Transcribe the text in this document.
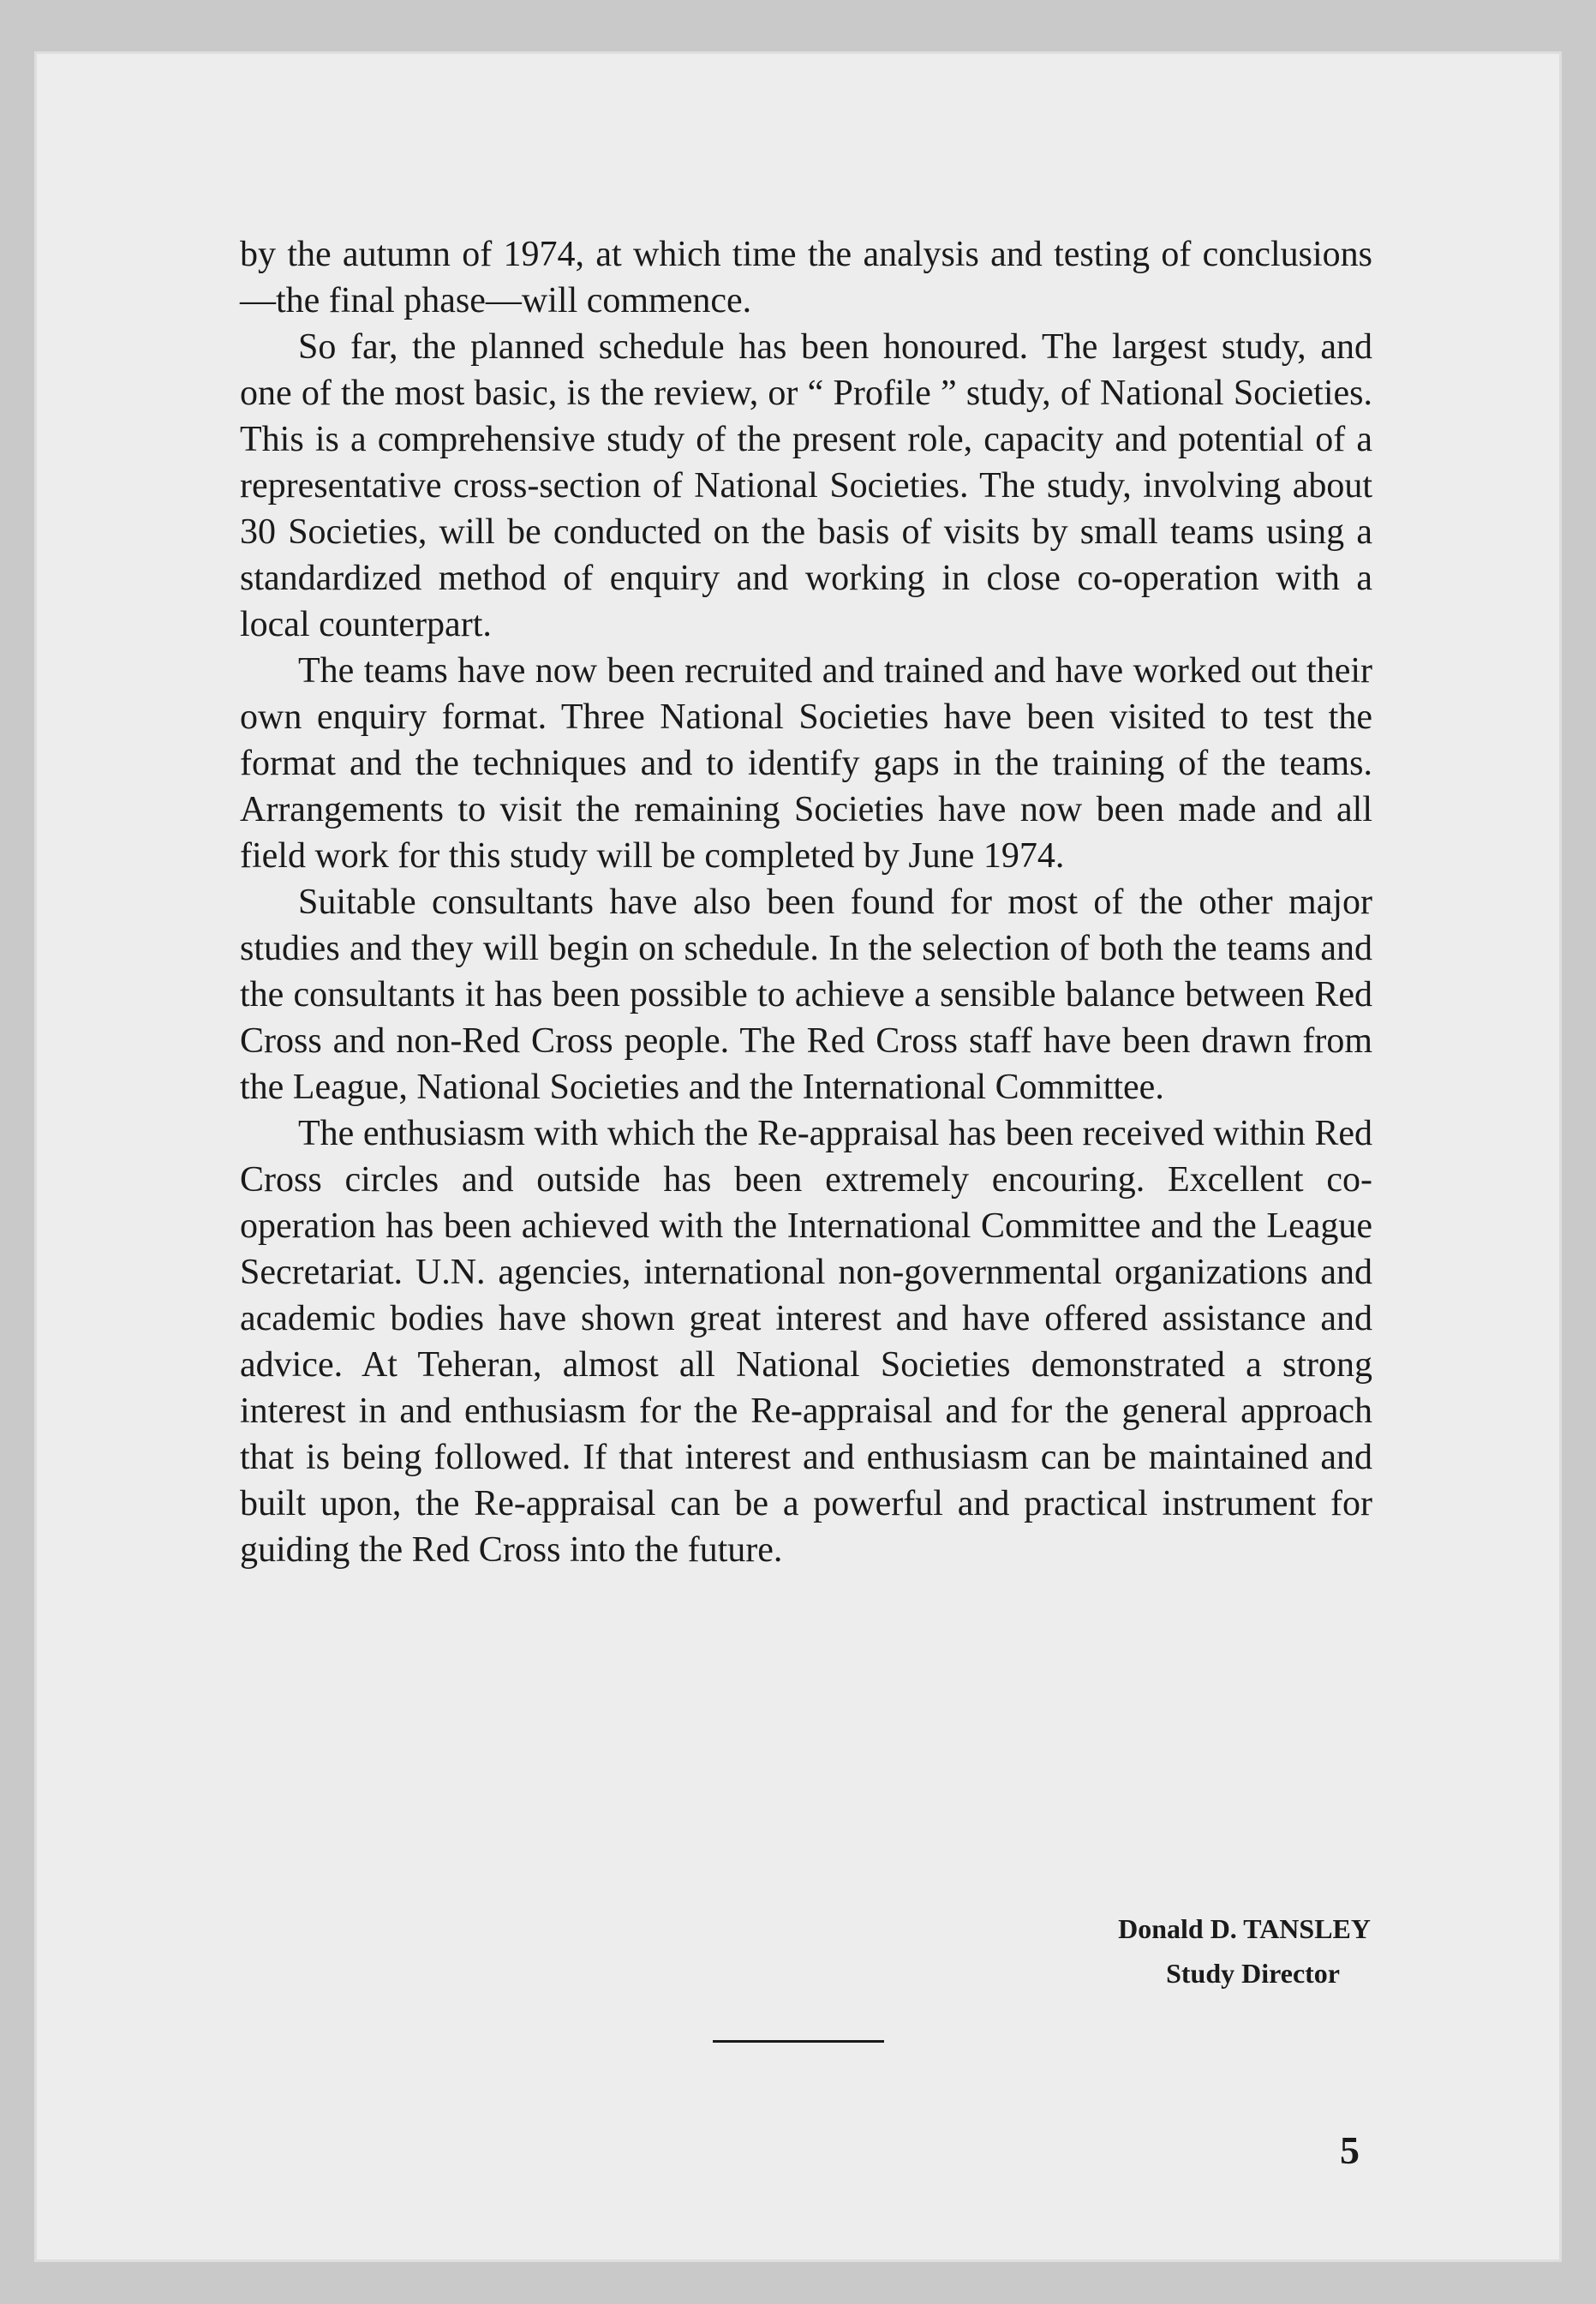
by the autumn of 1974, at which time the analysis and testing of conclusions—the final phase—will commence.

So far, the planned schedule has been honoured. The largest study, and one of the most basic, is the review, or “ Profile ” study, of National Societies. This is a comprehensive study of the present role, capacity and potential of a representative cross-section of National Societies. The study, involving about 30 Societies, will be conducted on the basis of visits by small teams using a standardized method of enquiry and working in close co-operation with a local counterpart.

The teams have now been recruited and trained and have worked out their own enquiry format. Three National Societies have been visited to test the format and the techniques and to identify gaps in the training of the teams. Arrangements to visit the remaining Societies have now been made and all field work for this study will be completed by June 1974.

Suitable consultants have also been found for most of the other major studies and they will begin on schedule. In the selection of both the teams and the consultants it has been possible to achieve a sensible balance between Red Cross and non-Red Cross people. The Red Cross staff have been drawn from the League, National Societies and the International Committee.

The enthusiasm with which the Re-appraisal has been received within Red Cross circles and outside has been extremely encouring. Excellent co-operation has been achieved with the International Committee and the League Secretariat. U.N. agencies, international non-governmental organizations and academic bodies have shown great interest and have offered assistance and advice. At Teheran, almost all National Societies demonstrated a strong interest in and enthusiasm for the Re-appraisal and for the general approach that is being followed. If that interest and enthusiasm can be maintained and built upon, the Re-appraisal can be a powerful and practical instrument for guiding the Red Cross into the future.

Donald D. TANSLEY
Study Director
5
